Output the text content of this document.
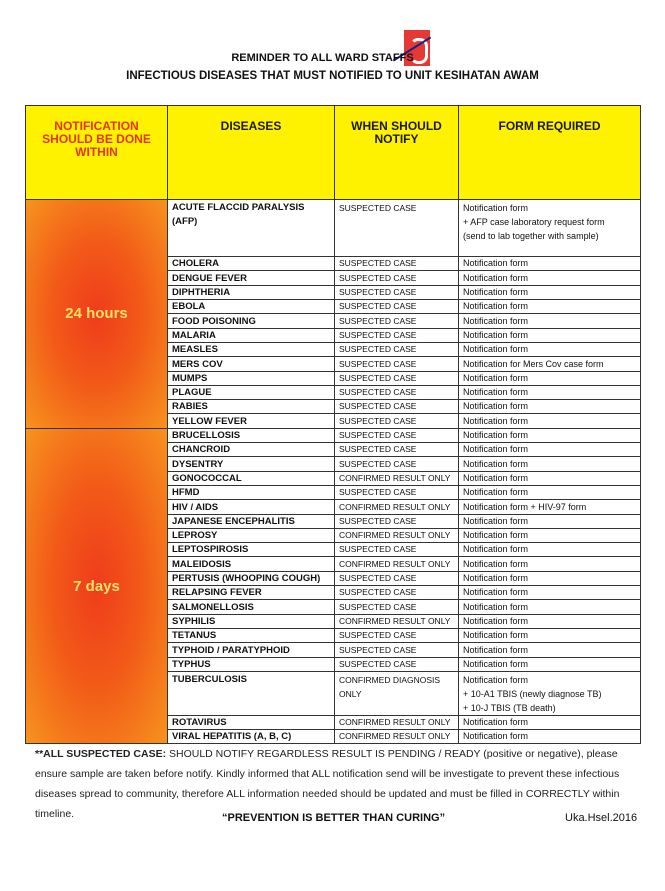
REMINDER TO ALL WARD STAFFS
INFECTIOUS DISEASES THAT MUST NOTIFIED TO UNIT KESIHATAN AWAM
NOTIFICATION SHOULD BE DONE WITHIN	DISEASES	WHEN SHOULD NOTIFY	FORM REQUIRED
24 hours	ACUTE FLACCID PARALYSIS (AFP)	SUSPECTED CASE	Notification form
+ AFP case laboratory request form
(send to lab together with sample)
	CHOLERA	SUSPECTED CASE	Notification form
	DENGUE FEVER	SUSPECTED CASE	Notification form
	DIPHTHERIA	SUSPECTED CASE	Notification form
	EBOLA	SUSPECTED CASE	Notification form
	FOOD POISONING	SUSPECTED CASE	Notification form
	MALARIA	SUSPECTED CASE	Notification form
	MEASLES	SUSPECTED CASE	Notification form
	MERS COV	SUSPECTED CASE	Notification for Mers Cov case form
	MUMPS	SUSPECTED CASE	Notification form
	PLAGUE	SUSPECTED CASE	Notification form
	RABIES	SUSPECTED CASE	Notification form
	YELLOW FEVER	SUSPECTED CASE	Notification form
7 days	BRUCELLOSIS	SUSPECTED CASE	Notification form
	CHANCROID	SUSPECTED CASE	Notification form
	DYSENTRY	SUSPECTED CASE	Notification form
	GONOCOCCAL	CONFIRMED RESULT ONLY	Notification form
	HFMD	SUSPECTED CASE	Notification form
	HIV / AIDS	CONFIRMED RESULT ONLY	Notification form + HIV-97 form
	JAPANESE ENCEPHALITIS	SUSPECTED CASE	Notification form
	LEPROSY	CONFIRMED RESULT ONLY	Notification form
	LEPTOSPIROSIS	SUSPECTED CASE	Notification form
	MALEIDOSIS	CONFIRMED RESULT ONLY	Notification form
	PERTUSIS (WHOOPING COUGH)	SUSPECTED CASE	Notification form
	RELAPSING FEVER	SUSPECTED CASE	Notification form
	SALMONELLOSIS	SUSPECTED CASE	Notification form
	SYPHILIS	CONFIRMED RESULT ONLY	Notification form
	TETANUS	SUSPECTED CASE	Notification form
	TYPHOID / PARATYPHOID	SUSPECTED CASE	Notification form
	TYPHUS	SUSPECTED CASE	Notification form
	TUBERCULOSIS	CONFIRMED DIAGNOSIS
ONLY	Notification form
+ 10-A1 TBIS (newly diagnose TB)
+ 10-J TBIS (TB death)
	ROTAVIRUS	CONFIRMED RESULT ONLY	Notification form
	VIRAL HEPATITIS (A, B, C)	CONFIRMED RESULT ONLY	Notification form
**ALL SUSPECTED CASE: SHOULD NOTIFY REGARDLESS RESULT IS PENDING / READY (positive or negative), please ensure sample are taken before notify. Kindly informed that ALL notification send will be investigate to prevent these infectious diseases spread to community, therefore ALL information needed should be updated and must be filled in CORRECTLY within timeline.	“PREVENTION IS BETTER THAN CURING”	Uka.Hsel.2016
